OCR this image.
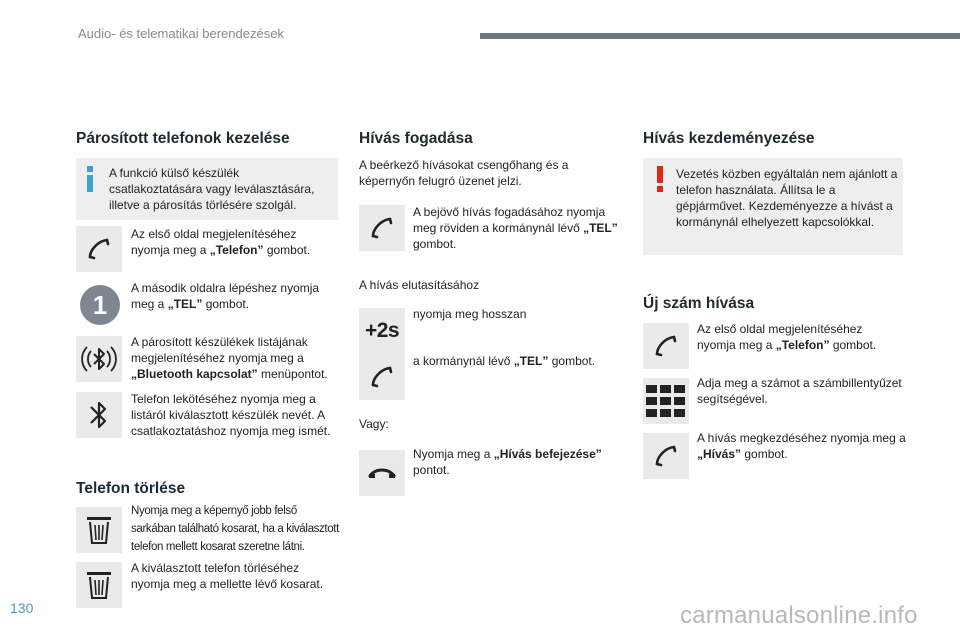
Audio- és telematikai berendezések
Párosított telefonok kezelése
A funkció külső készülék csatlakoztatására vagy leválasztására, illetve a párosítás törlésére szolgál.
Az első oldal megjelenítéséhez nyomja meg a „Telefon” gombot.
1
A második oldalra lépéshez nyomja meg a „TEL” gombot.
A párosított készülékek listájának megjelenítéséhez nyomja meg a „Bluetooth kapcsolat” menüpontot.
Telefon lekötéséhez nyomja meg a listáról kiválasztott készülék nevét. A csatlakoztatáshoz nyomja meg ismét.
Telefon törlése
Nyomja meg a képernyő jobb felső sarkában található kosarat, ha a kiválasztott telefon mellett kosarat szeretne látni.
A kiválasztott telefon törléséhez nyomja meg a mellette lévő kosarat.
Hívás fogadása
A beérkező hívásokat csengőhang és a képernyőn felugró üzenet jelzi.
A bejövő hívás fogadásához nyomja meg röviden a kormánynál lévő „TEL” gombot.
A hívás elutasításához
+2s
nyomja meg hosszan
a kormánynál lévő „TEL” gombot.
Vagy:
Nyomja meg a „Hívás befejezése” pontot.
Hívás kezdeményezése
Vezetés közben egyáltalán nem ajánlott a telefon használata. Állítsa le a gépjárművet. Kezdeményezze a hívást a kormánynál elhelyezett kapcsolókkal.
Új szám hívása
Az első oldal megjelenítéséhez nyomja meg a „Telefon” gombot.
Adja meg a számot a számbillentyűzet segítségével.
A hívás megkezdéséhez nyomja meg a „Hívás” gombot.
130	carmanualsonline.info
